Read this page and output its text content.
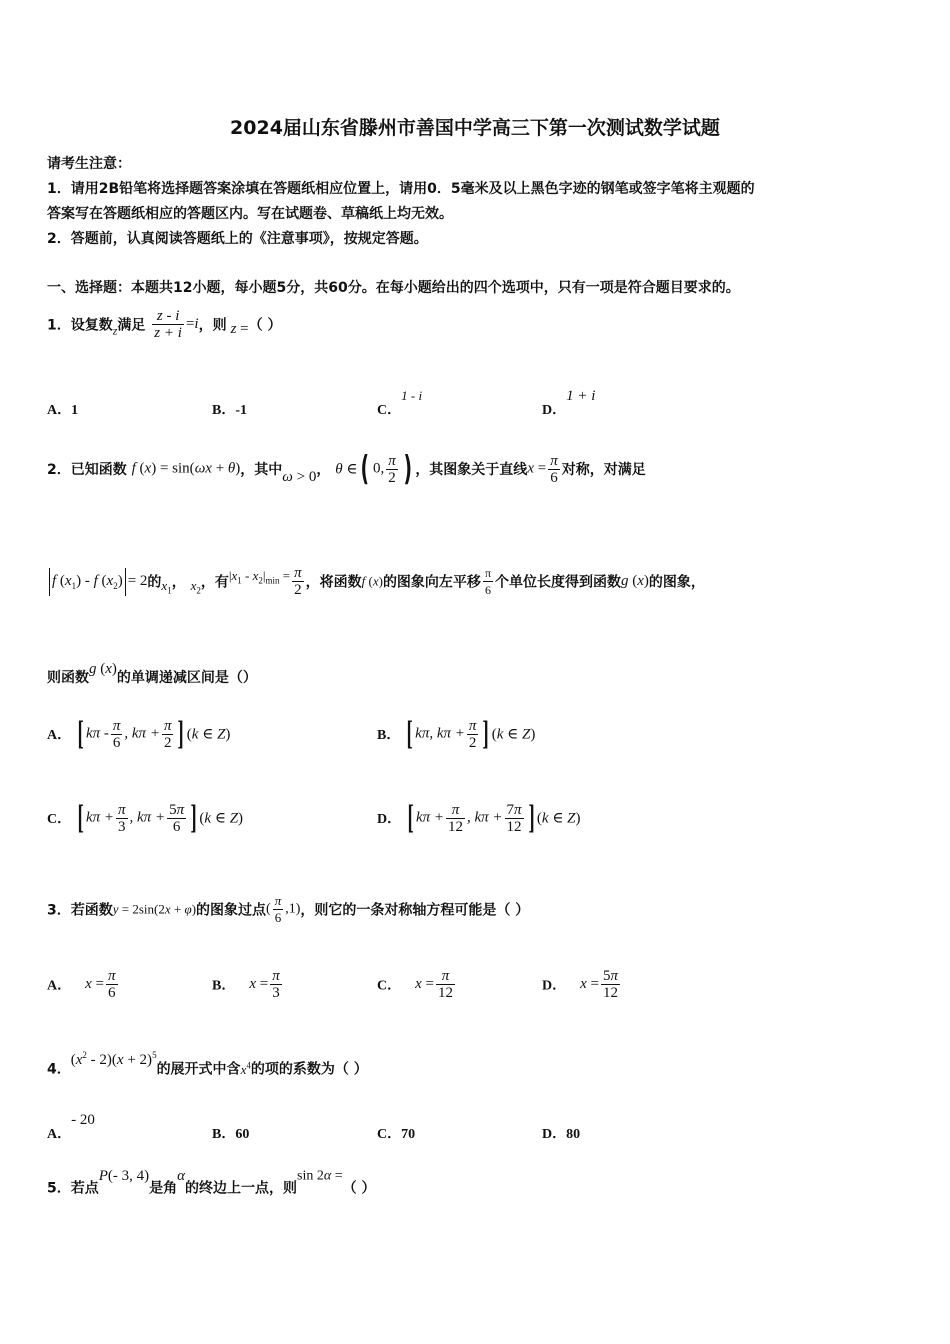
2024届山东省滕州市善国中学高三下第一次测试数学试题
请考生注意：
1．请用2B铅笔将选择题答案涂填在答题纸相应位置上，请用0．5毫米及以上黑色字迹的钢笔或签字笔将主观题的
答案写在答题纸相应的答题区内。写在试题卷、草稿纸上均无效。
2．答题前，认真阅读答题纸上的《注意事项》，按规定答题。
一、选择题：本题共12小题，每小题5分，共60分。在每小题给出的四个选项中，只有一项是符合题目要求的。
1．设复数z满足 $\frac{z - i}{z + i} =i$，则 z =（ ）
A．1	B．-1	C．1 - i
D．1 + i
2．已知函数 f (x) = sin(ωx + θ)，其中ω > 0， θ ∈ ( 0, $\frac{\pi}{2}$ ) ，其图象关于直线$x = \frac{\pi}{6}$ 对称，对满足
f $(x_1)$ - f $(x_2) = 2$的$x_1$， $x_2$，有$|x_1 - x_2|_{min} = \frac{\pi}{2}$ ，将函数f (x)的图象向左平移 $\frac{\pi}{6}$ 个单位长度得到函数g (x)的图象，
则函数g (x)的单调递减区间是（）
A． [ kπ - $\frac{\pi}{6}$ , $k\pi + \frac{\pi}{2}$ ] (k ∈ Z)	B． [ kπ, $k\pi + \frac{\pi}{2}$ ] (k ∈ Z)
C． [ $k\pi + \frac{\pi}{3}$ , $k\pi + \frac{5\pi}{6}$ ] (k ∈ Z)	D． [ $k\pi + \frac{\pi}{12}$ , $k\pi + \frac{7\pi}{12}$ ] (k ∈ Z)
3．若函数y = 2sin(2x + φ)的图象过点( $\frac{\pi}{6} ,1$)，则它的一条对称轴方程可能是（ ）
A． $x = \frac{\pi}{6}$	B． $x = \frac{\pi}{3}$	C． $x = \frac{\pi}{12}$	D． $x = \frac{5\pi}{12}$
4．$(x^2 - 2)(x + 2)^5$的展开式中含$x^4$的项的系数为（ ）
A．- 20
B．60	C．70	D．80
5．若点P(- 3, 4)是角α的终边上一点，则sin 2α =（ ）
